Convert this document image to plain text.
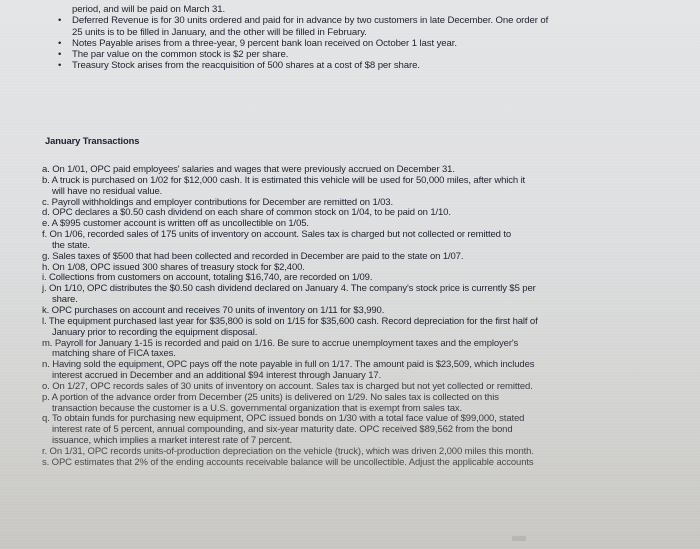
period, and will be paid on March 31.
•	Deferred Revenue is for 30 units ordered and paid for in advance by two customers in late December. One order of
25 units is to be filled in January, and the other will be filled in February.
•	Notes Payable arises from a three-year, 9 percent bank loan received on October 1 last year.
•	The par value on the common stock is $2 per share.
•	Treasury Stock arises from the reacquisition of 500 shares at a cost of $8 per share.
January Transactions
a. On 1/01, OPC paid employees' salaries and wages that were previously accrued on December 31.
b. A truck is purchased on 1/02 for $12,000 cash. It is estimated this vehicle will be used for 50,000 miles, after which it
will have no residual value.
c. Payroll withholdings and employer contributions for December are remitted on 1/03.
d. OPC declares a $0.50 cash dividend on each share of common stock on 1/04, to be paid on 1/10.
e. A $995 customer account is written off as uncollectible on 1/05.
f. On 1/06, recorded sales of 175 units of inventory on account. Sales tax is charged but not collected or remitted to
the state.
g. Sales taxes of $500 that had been collected and recorded in December are paid to the state on 1/07.
h. On 1/08, OPC issued 300 shares of treasury stock for $2,400.
i. Collections from customers on account, totaling $16,740, are recorded on 1/09.
j. On 1/10, OPC distributes the $0.50 cash dividend declared on January 4. The company's stock price is currently $5 per
share.
k. OPC purchases on account and receives 70 units of inventory on 1/11 for $3,990.
l. The equipment purchased last year for $35,800 is sold on 1/15 for $35,600 cash. Record depreciation for the first half of
January prior to recording the equipment disposal.
m. Payroll for January 1-15 is recorded and paid on 1/16. Be sure to accrue unemployment taxes and the employer's
matching share of FICA taxes.
n. Having sold the equipment, OPC pays off the note payable in full on 1/17. The amount paid is $23,509, which includes
interest accrued in December and an additional $94 interest through January 17.
o. On 1/27, OPC records sales of 30 units of inventory on account. Sales tax is charged but not yet collected or remitted.
p. A portion of the advance order from December (25 units) is delivered on 1/29. No sales tax is collected on this
transaction because the customer is a U.S. governmental organization that is exempt from sales tax.
q. To obtain funds for purchasing new equipment, OPC issued bonds on 1/30 with a total face value of $99,000, stated
interest rate of 5 percent, annual compounding, and six-year maturity date. OPC received $89,562 from the bond
issuance, which implies a market interest rate of 7 percent.
r. On 1/31, OPC records units-of-production depreciation on the vehicle (truck), which was driven 2,000 miles this month.
s. OPC estimates that 2% of the ending accounts receivable balance will be uncollectible. Adjust the applicable accounts
